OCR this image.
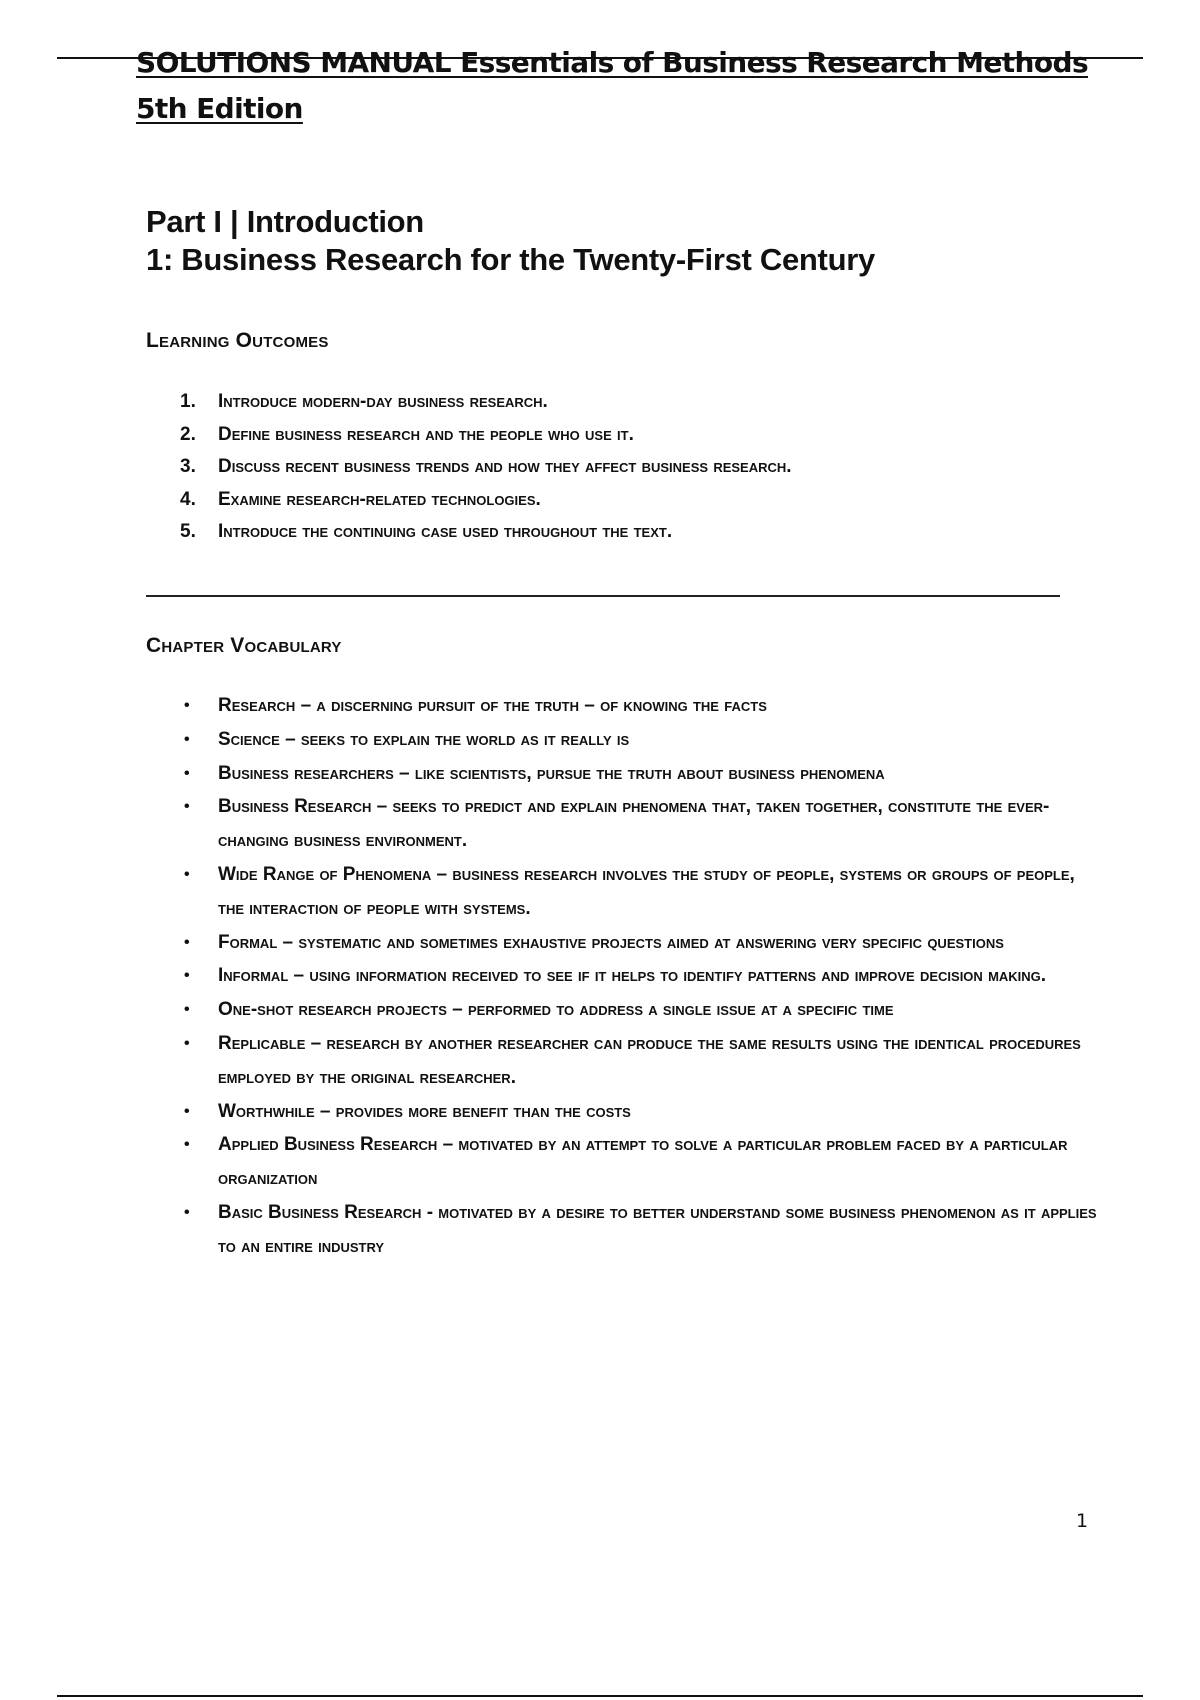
SOLUTIONS MANUAL Essentials of Business Research Methods
5th Edition
Part I | Introduction
1: Business Research for the Twenty-First Century
Learning Outcomes
1. Introduce modern-day business research.
2. Define business research and the people who use it.
3. Discuss recent business trends and how they affect business research.
4. Examine research-related technologies.
5. Introduce the continuing case used throughout the text.
Chapter Vocabulary
• Research – a discerning pursuit of the truth – of knowing the facts
• Science – seeks to explain the world as it really is
• Business researchers – like scientists, pursue the truth about business phenomena
• Business Research – seeks to predict and explain phenomena that, taken together, constitute the ever-changing business environment.
• Wide Range of Phenomena – business research involves the study of people, systems or groups of people, the interaction of people with systems.
• Formal – systematic and sometimes exhaustive projects aimed at answering very specific questions
• Informal – using information received to see if it helps to identify patterns and improve decision making.
• One-shot research projects – performed to address a single issue at a specific time
• Replicable – research by another researcher can produce the same results using the identical procedures employed by the original researcher.
• Worthwhile – provides more benefit than the costs
• Applied Business Research – motivated by an attempt to solve a particular problem faced by a particular organization
• Basic Business Research - motivated by a desire to better understand some business phenomenon as it applies to an entire industry

1
